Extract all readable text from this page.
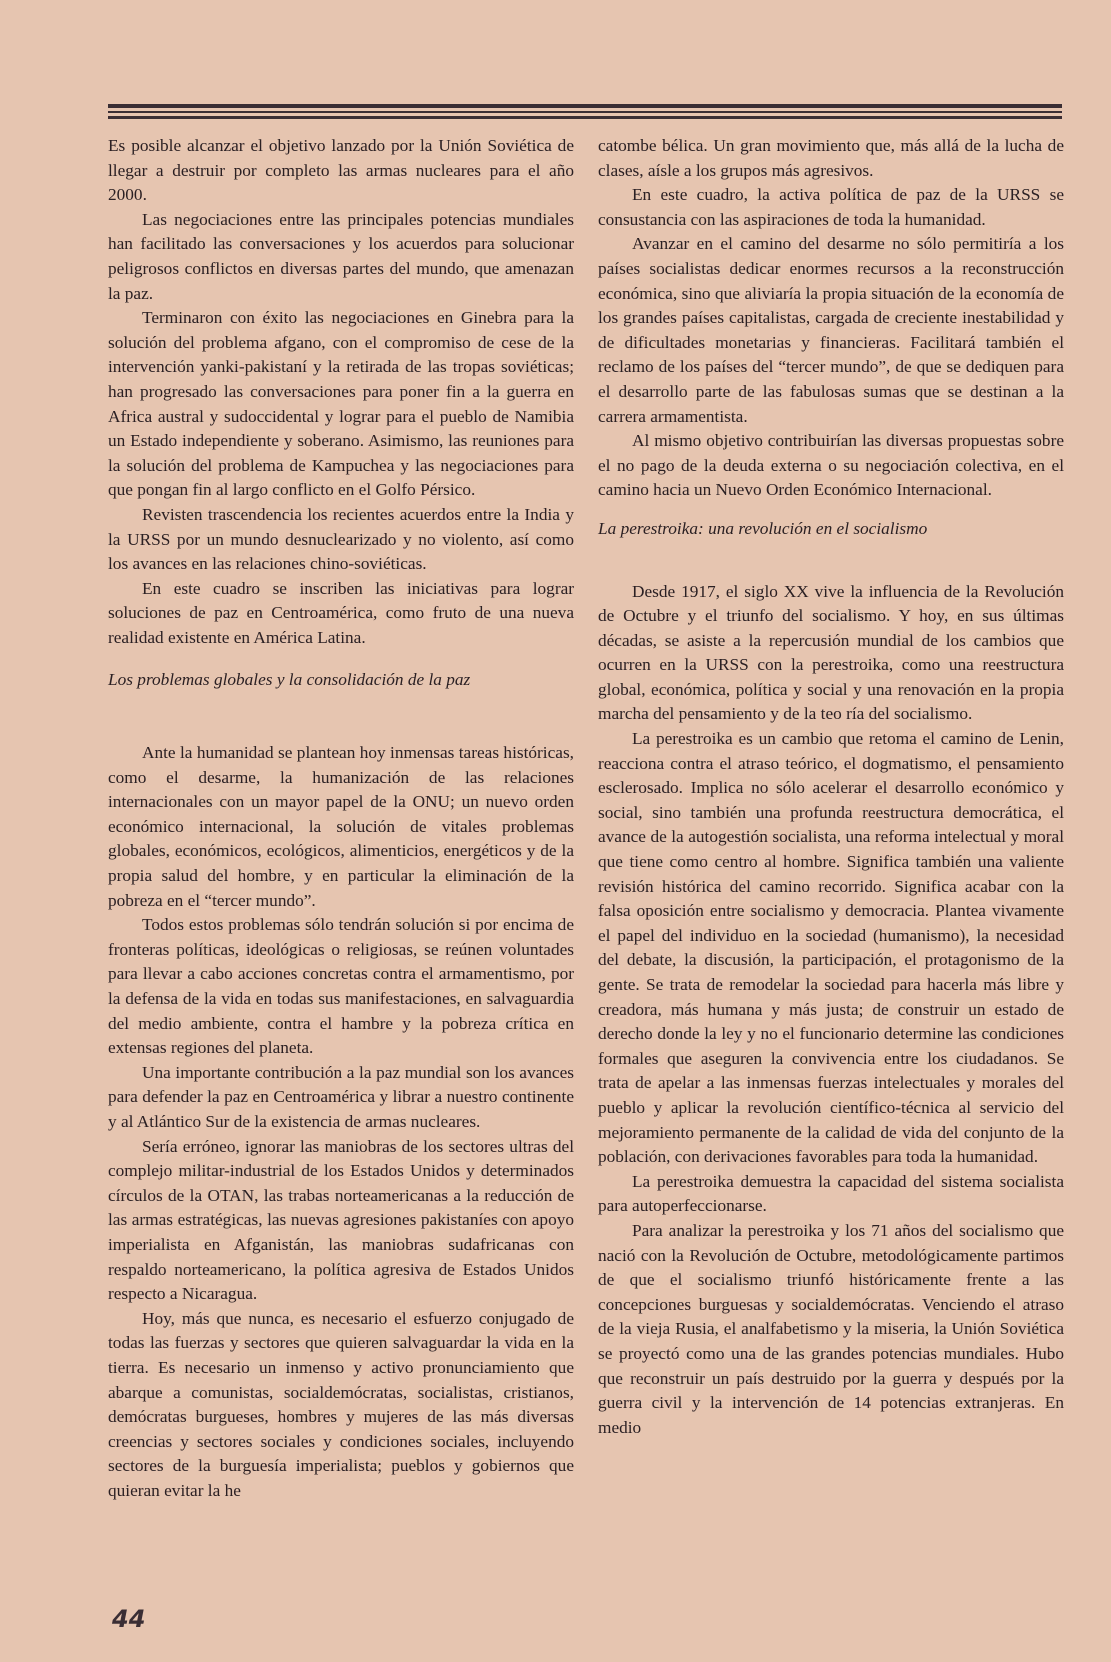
Es posible alcanzar el objetivo lanzado por la Unión Soviética de llegar a destruir por completo las armas nucleares para el año 2000.

Las negociaciones entre las principales potencias mundiales han facilitado las conversaciones y los acuerdos para solucionar peligrosos conflictos en diversas partes del mundo, que amenazan la paz.

Terminaron con éxito las negociaciones en Ginebra para la solución del problema afgano, con el compromiso de cese de la intervención yanki-pakistaní y la retirada de las tropas soviéticas; han progresado las conversaciones para poner fin a la guerra en Africa austral y sudoccidental y lograr para el pueblo de Namibia un Estado independiente y soberano. Asimismo, las reuniones para la solución del problema de Kampuchea y las negociaciones para que pongan fin al largo conflicto en el Golfo Pérsico.

Revisten trascendencia los recientes acuerdos entre la India y la URSS por un mundo desnuclearizado y no violento, así como los avances en las relaciones chino-soviéticas.

En este cuadro se inscriben las iniciativas para lograr soluciones de paz en Centroamérica, como fruto de una nueva realidad existente en América Latina.

Los problemas globales y la consolidación de la paz

Ante la humanidad se plantean hoy inmensas tareas históricas, como el desarme, la humanización de las relaciones internacionales con un mayor papel de la ONU; un nuevo orden económico internacional, la solución de vitales problemas globales, económicos, ecológicos, alimenticios, energéticos y de la propia salud del hombre, y en particular la eliminación de la pobreza en el “tercer mundo”.

Todos estos problemas sólo tendrán solución si por encima de fronteras políticas, ideológicas o religiosas, se reúnen voluntades para llevar a cabo acciones concretas contra el armamentismo, por la defensa de la vida en todas sus manifestaciones, en salvaguardia del medio ambiente, contra el hambre y la pobreza crítica en extensas regiones del planeta.

Una importante contribución a la paz mundial son los avances para defender la paz en Centroamérica y librar a nuestro continente y al Atlántico Sur de la existencia de armas nucleares.

Sería erróneo, ignorar las maniobras de los sectores ultras del complejo militar-industrial de los Estados Unidos y determinados círculos de la OTAN, las trabas norteamericanas a la reducción de las armas estratégicas, las nuevas agresiones pakistaníes con apoyo imperialista en Afganistán, las maniobras sudafricanas con respaldo norteamericano, la política agresiva de Estados Unidos respecto a Nicaragua.

Hoy, más que nunca, es necesario el esfuerzo conjugado de todas las fuerzas y sectores que quieren salvaguardar la vida en la tierra. Es necesario un inmenso y activo pronunciamiento que abarque a comunistas, socialdemócratas, socialistas, cristianos, demócratas burgueses, hombres y mujeres de las más diversas creencias y sectores sociales y condiciones sociales, incluyendo sectores de la burguesía imperialista; pueblos y gobiernos que quieran evitar la he

catombe bélica. Un gran movimiento que, más allá de la lucha de clases, aísle a los grupos más agresivos.

En este cuadro, la activa política de paz de la URSS se consustancia con las aspiraciones de toda la humanidad.

Avanzar en el camino del desarme no sólo permitiría a los países socialistas dedicar enormes recursos a la reconstrucción económica, sino que aliviaría la propia situación de la economía de los grandes países capitalistas, cargada de creciente inestabilidad y de dificultades monetarias y financieras. Facilitará también el reclamo de los países del “tercer mundo”, de que se dediquen para el desarrollo parte de las fabulosas sumas que se destinan a la carrera armamentista.

Al mismo objetivo contribuirían las diversas propuestas sobre el no pago de la deuda externa o su negociación colectiva, en el camino hacia un Nuevo Orden Económico Internacional.

La perestroika: una revolución en el socialismo

Desde 1917, el siglo XX vive la influencia de la Revolución de Octubre y el triunfo del socialismo. Y hoy, en sus últimas décadas, se asiste a la repercusión mundial de los cambios que ocurren en la URSS con la perestroika, como una reestructura global, económica, política y social y una renovación en la propia marcha del pensamiento y de la teo ría del socialismo.

La perestroika es un cambio que retoma el camino de Lenin, reacciona contra el atraso teórico, el dogmatismo, el pensamiento esclerosado. Implica no sólo acelerar el desarrollo económico y social, sino también una profunda reestructura democrática, el avance de la autogestión socialista, una reforma intelectual y moral que tiene como centro al hombre. Significa también una valiente revisión histórica del camino recorrido. Significa acabar con la falsa oposición entre socialismo y democracia. Plantea vivamente el papel del individuo en la sociedad (humanismo), la necesidad del debate, la discusión, la participación, el protagonismo de la gente. Se trata de remodelar la sociedad para hacerla más libre y creadora, más humana y más justa; de construir un estado de derecho donde la ley y no el funcionario determine las condiciones formales que aseguren la convivencia entre los ciudadanos. Se trata de apelar a las inmensas fuerzas intelectuales y morales del pueblo y aplicar la revolución científico-técnica al servicio del mejoramiento permanente de la calidad de vida del conjunto de la población, con derivaciones favorables para toda la humanidad.

La perestroika demuestra la capacidad del sistema socialista para autoperfeccionarse.

Para analizar la perestroika y los 71 años del socialismo que nació con la Revolución de Octubre, metodológicamente partimos de que el socialismo triunfó históricamente frente a las concepciones burguesas y socialdemócratas. Venciendo el atraso de la vieja Rusia, el analfabetismo y la miseria, la Unión Soviética se proyectó como una de las grandes potencias mundiales. Hubo que reconstruir un país destruido por la guerra y después por la guerra civil y la intervención de 14 potencias extranjeras. En medio

44
